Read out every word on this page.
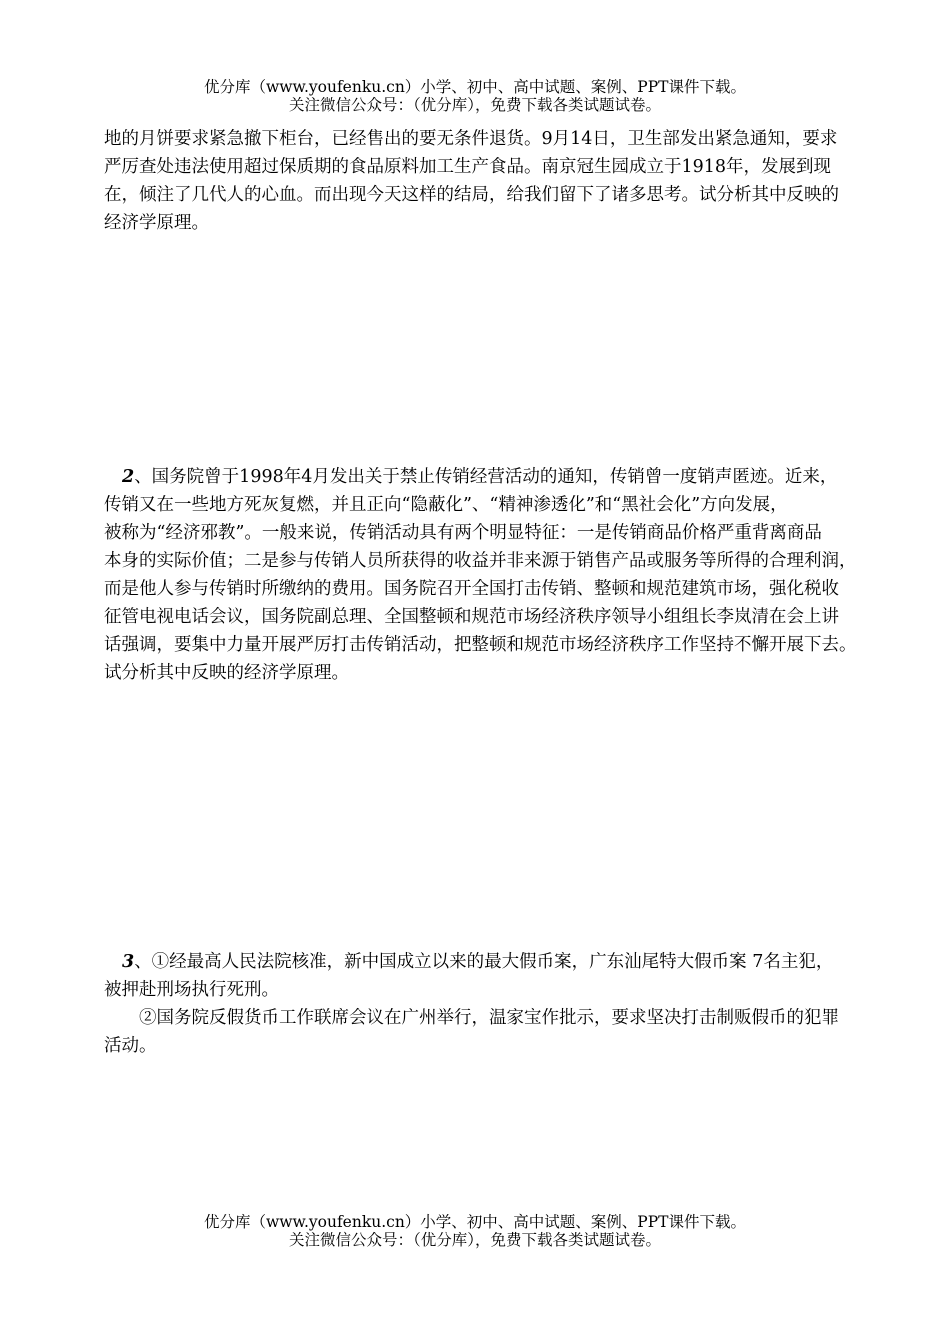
优分库（www.youfenku.cn）小学、初中、高中试题、案例、PPT课件下载。
关注微信公众号：（优分库），免费下载各类试题试卷。
地的月饼要求紧急撤下柜台，已经售出的要无条件退货。9月14日，卫生部发出紧急通知，要求
严厉查处违法使用超过保质期的食品原料加工生产食品。南京冠生园成立于1918年，发展到现
在，倾注了几代人的心血。而出现今天这样的结局，给我们留下了诸多思考。试分析其中反映的
经济学原理。
2、国务院曾于1998年4月发出关于禁止传销经营活动的通知，传销曾一度销声匿迹。近来，
传销又在一些地方死灰复燃，并且正向“隐蔽化”、“精神渗透化”和“黑社会化”方向发展，
被称为“经济邪教”。一般来说，传销活动具有两个明显特征：一是传销商品价格严重背离商品
本身的实际价值；二是参与传销人员所获得的收益并非来源于销售产品或服务等所得的合理利润，
而是他人参与传销时所缴纳的费用。国务院召开全国打击传销、整顿和规范建筑市场，强化税收
征管电视电话会议，国务院副总理、全国整顿和规范市场经济秩序领导小组组长李岚清在会上讲
话强调，要集中力量开展严厉打击传销活动，把整顿和规范市场经济秩序工作坚持不懈开展下去。
试分析其中反映的经济学原理。
3、①经最高人民法院核准，新中国成立以来的最大假币案，广东汕尾特大假币案 7名主犯，
被押赴刑场执行死刑。
②国务院反假货币工作联席会议在广州举行，温家宝作批示，要求坚决打击制贩假币的犯罪
活动。
优分库（www.youfenku.cn）小学、初中、高中试题、案例、PPT课件下载。
关注微信公众号：（优分库），免费下载各类试题试卷。
